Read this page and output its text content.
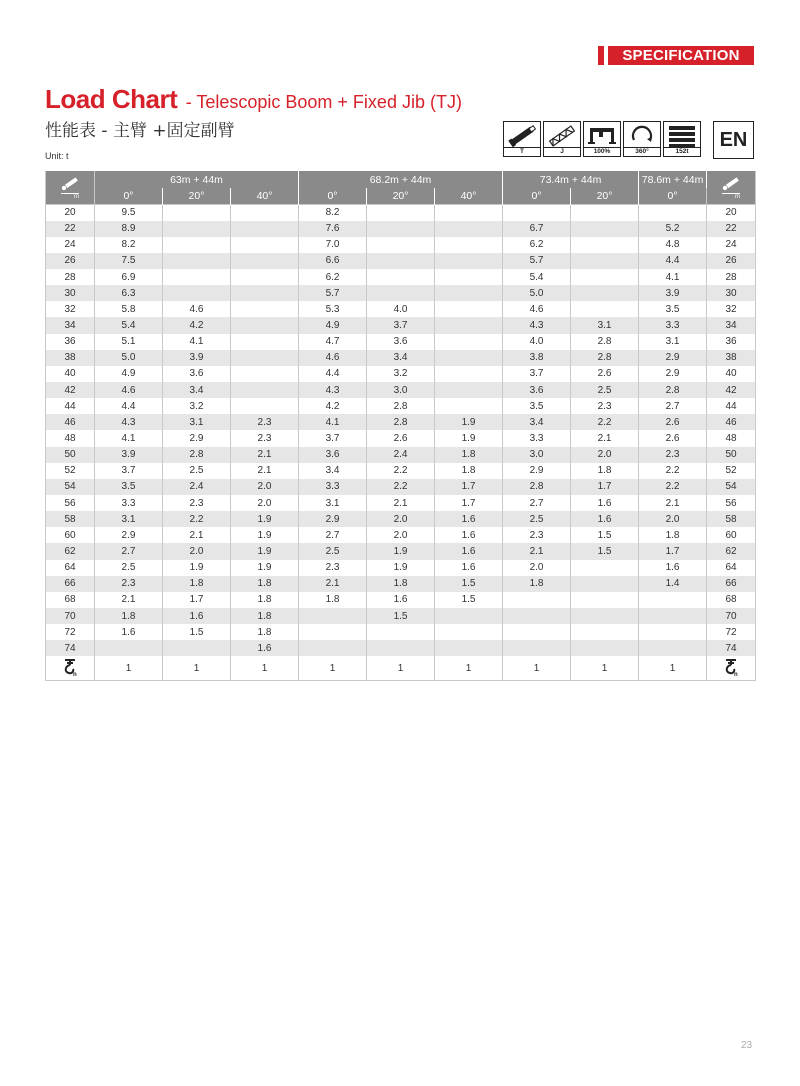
SPECIFICATION
Load Chart - Telescopic Boom + Fixed Jib (TJ)
性能表 - 主臂 +固定副臂
Unit: t	T	J	100%	360°	152t
EN
m	63m + 44m			68.2m + 44m			73.4m + 44m		78.6m + 44m	m

	0°	20°	40°	0°	20°	40°	0°	20°	0°	
20	9.5			8.2						20
22	8.9			7.6			6.7		5.2	22
24	8.2			7.0			6.2		4.8	24
26	7.5			6.6			5.7		4.4	26
28	6.9			6.2			5.4		4.1	28
30	6.3			5.7			5.0		3.9	30
32	5.8	4.6		5.3	4.0		4.6		3.5	32
34	5.4	4.2		4.9	3.7		4.3	3.1	3.3	34
36	5.1	4.1		4.7	3.6		4.0	2.8	3.1	36
38	5.0	3.9		4.6	3.4		3.8	2.8	2.9	38
40	4.9	3.6		4.4	3.2		3.7	2.6	2.9	40
42	4.6	3.4		4.3	3.0		3.6	2.5	2.8	42
44	4.4	3.2		4.2	2.8		3.5	2.3	2.7	44
46	4.3	3.1	2.3	4.1	2.8	1.9	3.4	2.2	2.6	46
48	4.1	2.9	2.3	3.7	2.6	1.9	3.3	2.1	2.6	48
50	3.9	2.8	2.1	3.6	2.4	1.8	3.0	2.0	2.3	50
52	3.7	2.5	2.1	3.4	2.2	1.8	2.9	1.8	2.2	52
54	3.5	2.4	2.0	3.3	2.2	1.7	2.8	1.7	2.2	54
56	3.3	2.3	2.0	3.1	2.1	1.7	2.7	1.6	2.1	56
58	3.1	2.2	1.9	2.9	2.0	1.6	2.5	1.6	2.0	58
60	2.9	2.1	1.9	2.7	2.0	1.6	2.3	1.5	1.8	60
62	2.7	2.0	1.9	2.5	1.9	1.6	2.1	1.5	1.7	62
64	2.5	1.9	1.9	2.3	1.9	1.6	2.0		1.6	64
66	2.3	1.8	1.8	2.1	1.8	1.5	1.8		1.4	66
68	2.1	1.7	1.8	1.8	1.6	1.5				68
70	1.8	1.6	1.8		1.5					70
72	1.6	1.5	1.8							72
74			1.6							74

n	1	1	1	1	1	1	1	1	1	n
23
